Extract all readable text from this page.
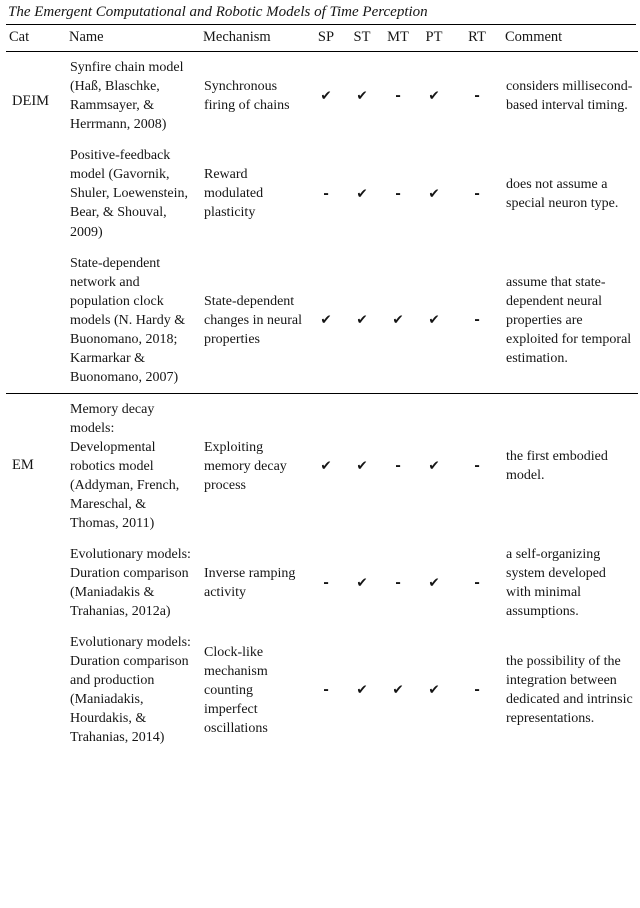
The Emergent Computational and Robotic Models of Time Perception
Cat	Name	Mechanism	SP	ST	MT	PT	RT	Comment
DEIM	Synfire chain model (Haß, Blaschke, Rammsayer, & Herrmann, 2008)	Synchronous firing of chains	✔	✔	-	✔	-	considers millisecond-based interval timing.
	Positive-feedback model (Gavornik, Shuler, Loewenstein, Bear, & Shouval, 2009)	Reward modulated plasticity	-	✔	-	✔	-	does not assume a special neuron type.
	State-dependent network and population clock models (N. Hardy & Buonomano, 2018; Karmarkar & Buonomano, 2007)	State-dependent changes in neural properties	✔	✔	✔	✔	-	assume that state-dependent neural properties are exploited for temporal estimation.
EM	Memory decay models: Developmental robotics model (Addyman, French, Mareschal, & Thomas, 2011)	Exploiting memory decay process	✔	✔	-	✔	-	the first embodied model.
	Evolutionary models: Duration comparison (Maniadakis & Trahanias, 2012a)	Inverse ramping activity	-	✔	-	✔	-	a self-organizing system developed with minimal assumptions.
	Evolutionary models: Duration comparison and production (Maniadakis, Hourdakis, & Trahanias, 2014)	Clock-like mechanism counting imperfect oscillations	-	✔	✔	✔	-	the possibility of the integration between dedicated and intrinsic representations.
